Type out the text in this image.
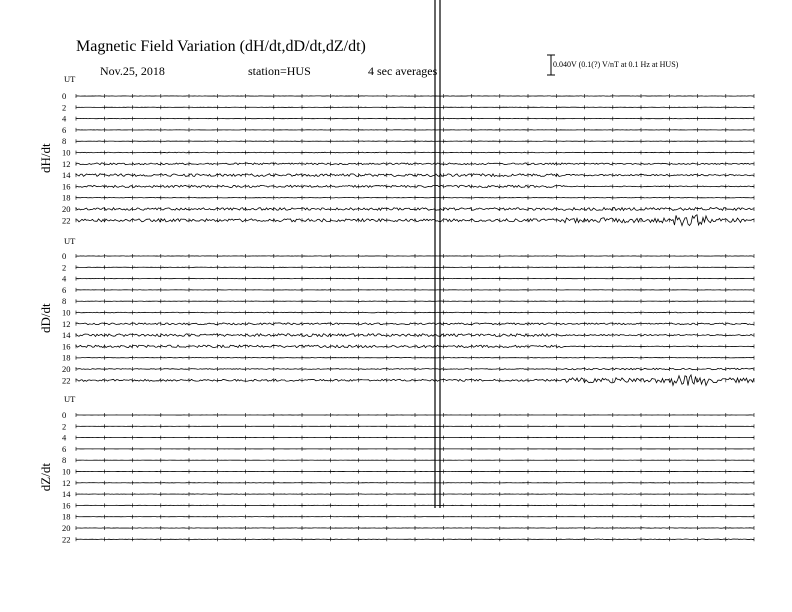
Magnetic Field Variation (dH/dt,dD/dt,dZ/dt)
Nov.25, 2018	station=HUS	4 sec averages	0.040V (0.1(?) V/nT at 0.1 Hz at HUS)
UT
dH/dt
0
2
4
6
8
10
12
14
16
18
20
22
UT
dD/dt
0
2
4
6
8
10
12
14
16
18
20
22
UT
dZ/dt
0
2
4
6
8
10
12
14
16
18
20
22
